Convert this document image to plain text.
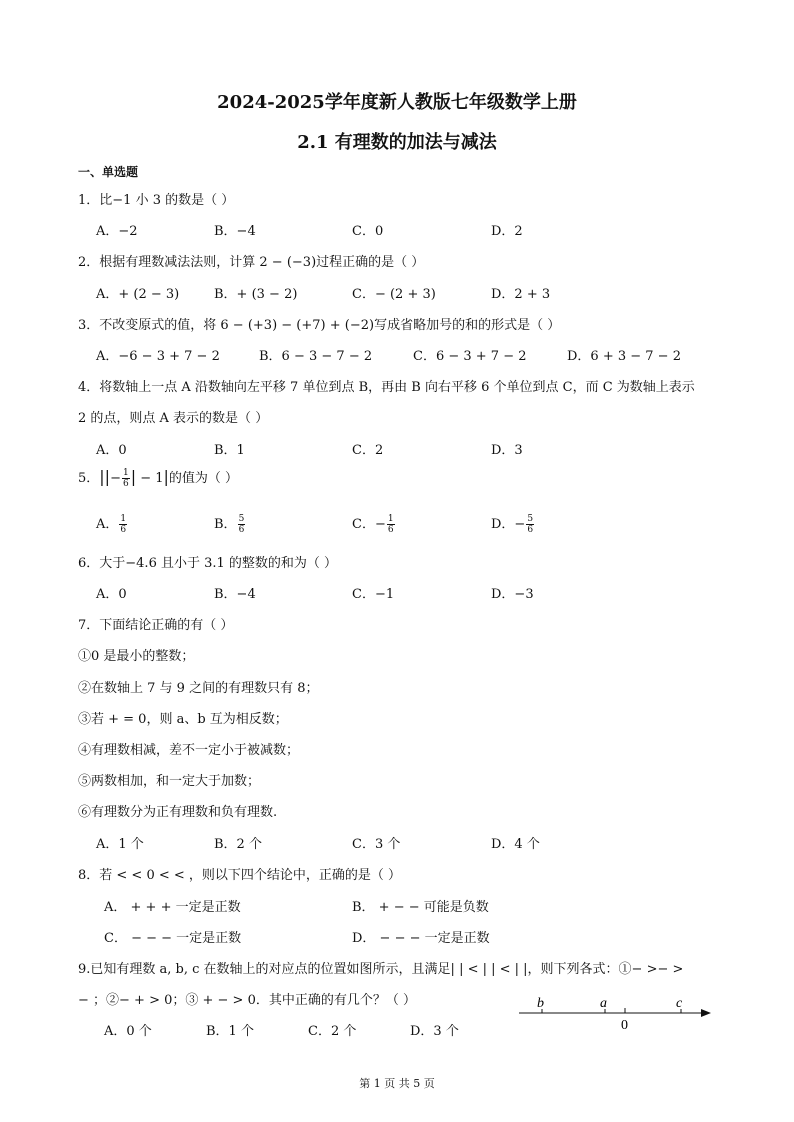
2024-2025学年度新人教版七年级数学上册
2.1 有理数的加法与减法
一、单选题
1．比−1 小 3 的数是（ ）
A．−2	B．−4	C．0	D．2
2．根据有理数减法法则，计算 2 − (−3)过程正确的是（ ）
A．+ (2 − 3)	B．+ (3 − 2)	C．− (2 + 3)	D．2 + 3
3．不改变原式的值，将 6 − (+3) − (+7) + (−2)写成省略加号的和的形式是（ ）
A．−6 − 3 + 7 − 2	B．6 − 3 − 7 − 2	C．6 − 3 + 7 − 2	D．6 + 3 − 7 − 2
4．将数轴上一点 A 沿数轴向左平移 7 单位到点 B，再由 B 向右平移 6 个单位到点 C，而 C 为数轴上表示
2 的点，则点 A 表示的数是（ ）
A．0	B．1	C．2	D．3
5．||− $\frac{1}{6}$ | − 1|的值为（ ）
A． $\frac{1}{6}$	B． $\frac{5}{6}$	C．− $\frac{1}{6}$	D．− $\frac{5}{6}$
6．大于−4.6 且小于 3.1 的整数的和为（ ）
A．0	B．−4	C．−1	D．−3
7．下面结论正确的有（ ）
①0 是最小的整数；
②在数轴上 7 与 9 之间的有理数只有 8；
③若 + = 0，则 a、b 互为相反数；
④有理数相减，差不一定小于被减数；
⑤两数相加，和一定大于加数；
⑥有理数分为正有理数和负有理数.
A．1 个	B．2 个	C．3 个	D．4 个
8．若 < < 0 < < ，则以下四个结论中，正确的是（ ）
A． + + + 一定是正数	B． + − − 可能是负数
C． − − − 一定是正数	D． − − − 一定是正数
9.已知有理数 a, b, c 在数轴上的对应点的位置如图所示，且满足| | < | | < | |，则下列各式：①− >− >
− ；②− + > 0；③ + − > 0．其中正确的有几个？（ ）
A．0 个	B．1 个	C．2 个	D．3 个
b	a	c
0
第 1 页 共 5 页
